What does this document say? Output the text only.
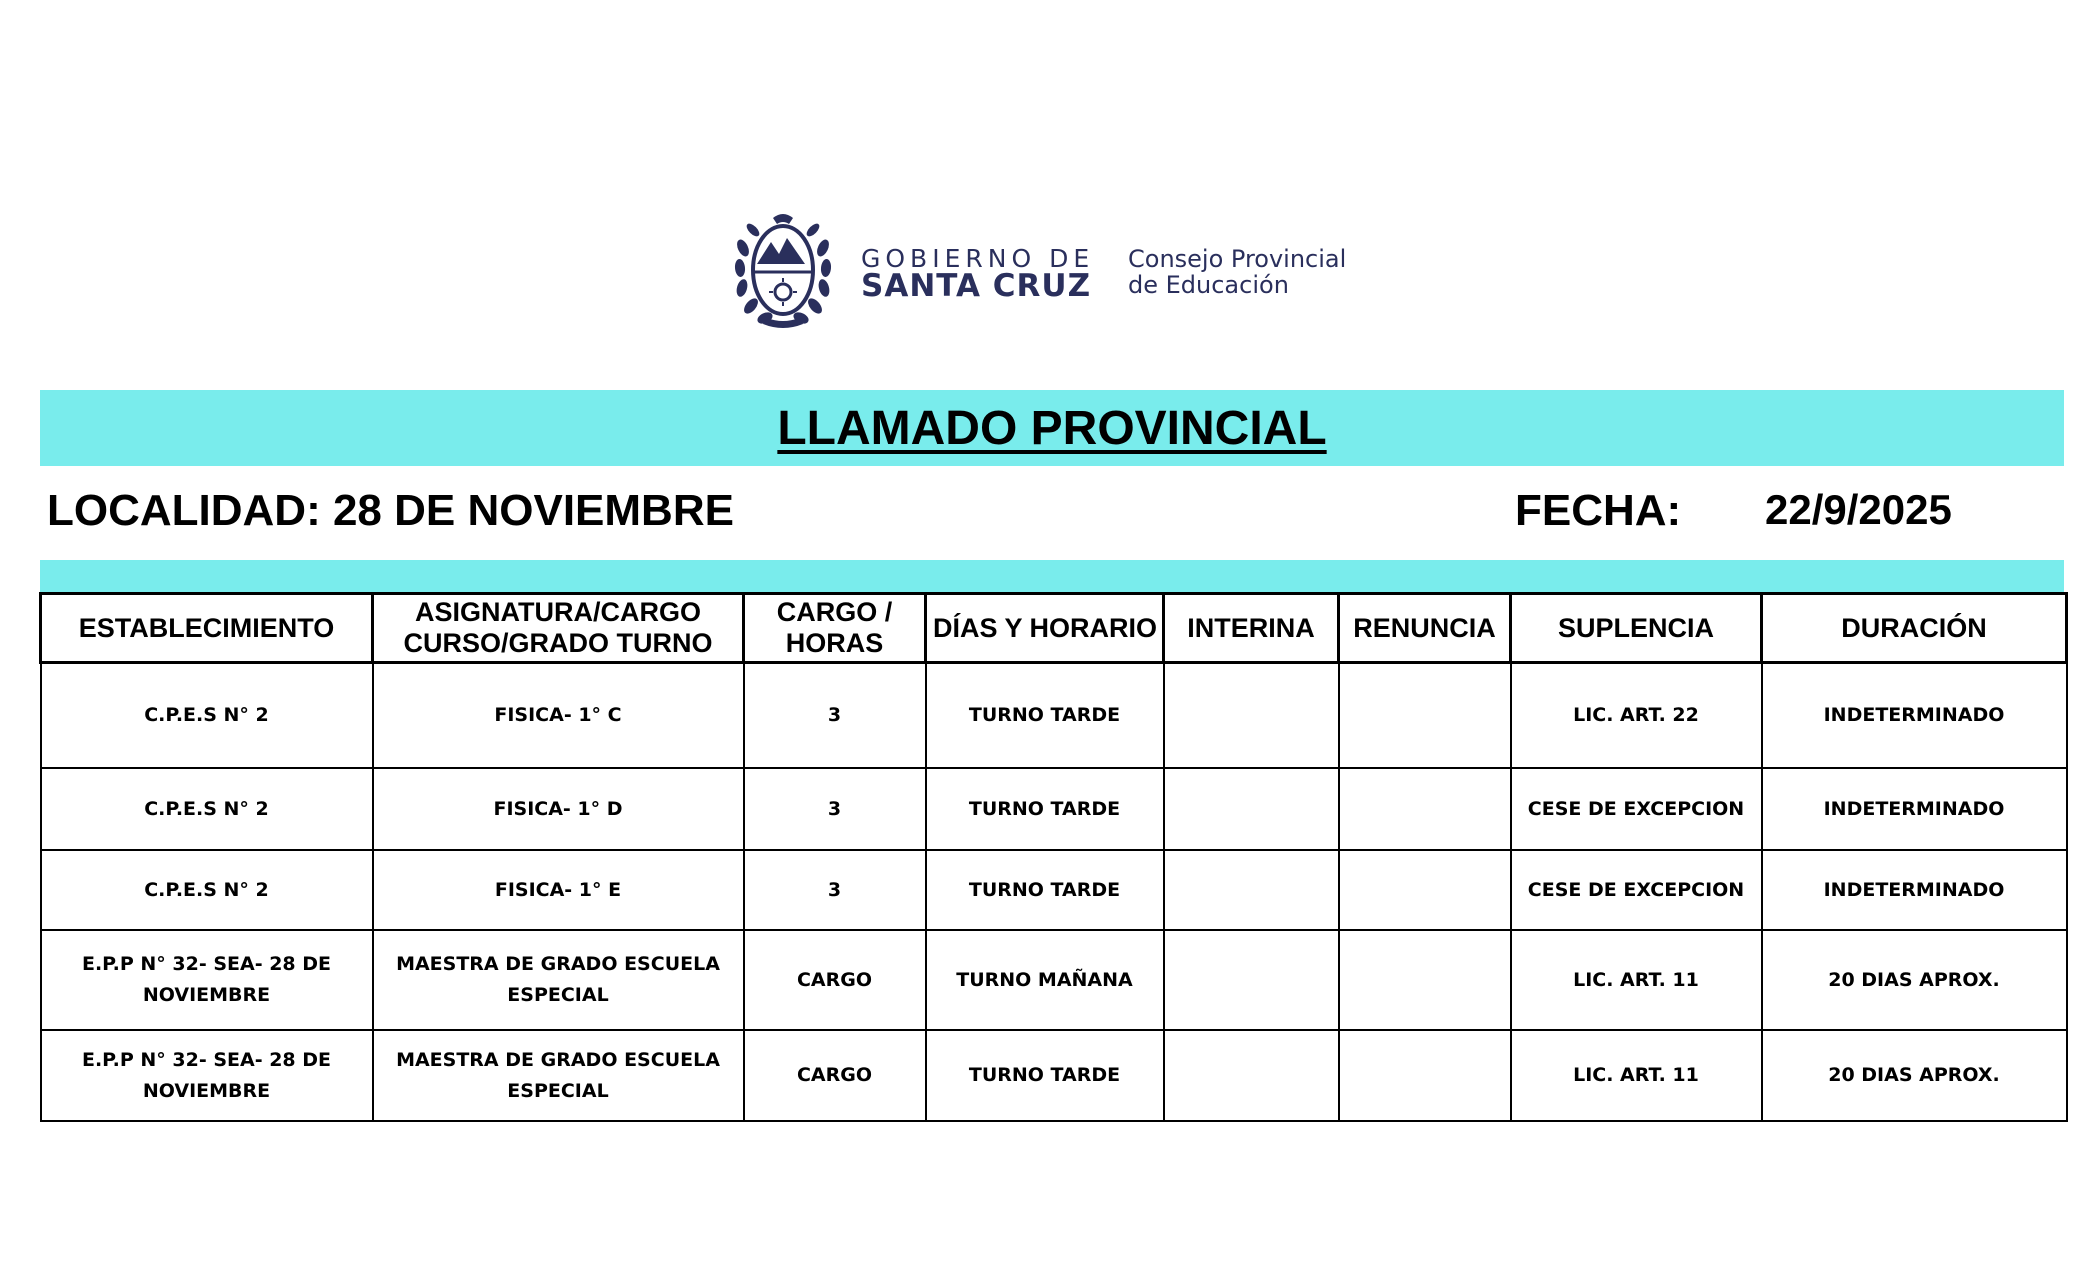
GOBIERNO DE
SANTA CRUZ
Consejo Provincial
de Educación
LLAMADO PROVINCIAL
LOCALIDAD: 28 DE NOVIEMBRE	FECHA: 22/9/2025
ESTABLECIMIENTO	ASIGNATURA/CARGO CURSO/GRADO TURNO	CARGO / HORAS	DÍAS Y HORARIO	INTERINA	RENUNCIA	SUPLENCIA	DURACIÓN
C.P.E.S N° 2	FISICA- 1° C	3	TURNO TARDE			LIC. ART. 22	INDETERMINADO
C.P.E.S N° 2	FISICA- 1° D	3	TURNO TARDE			CESE DE EXCEPCION	INDETERMINADO
C.P.E.S N° 2	FISICA- 1° E	3	TURNO TARDE			CESE DE EXCEPCION	INDETERMINADO
E.P.P N° 32- SEA- 28 DE NOVIEMBRE	MAESTRA DE GRADO ESCUELA ESPECIAL	CARGO	TURNO MAÑANA			LIC. ART. 11	20 DIAS APROX.
E.P.P N° 32- SEA- 28 DE NOVIEMBRE	MAESTRA DE GRADO ESCUELA ESPECIAL	CARGO	TURNO TARDE			LIC. ART. 11	20 DIAS APROX.
